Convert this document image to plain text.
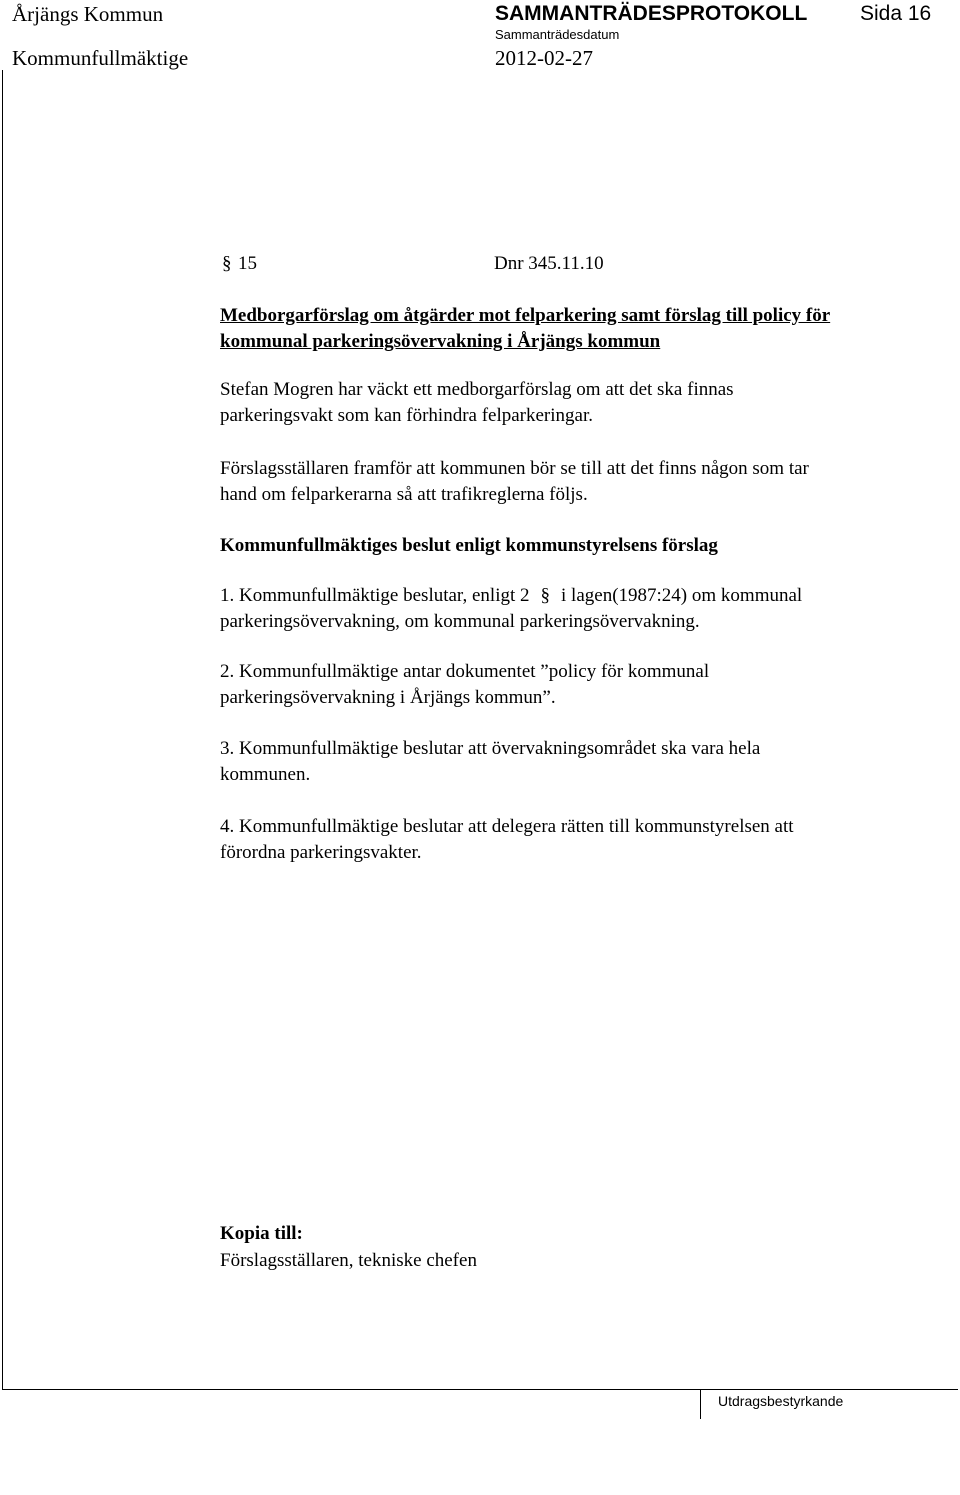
Årjängs Kommun	SAMMANTRÄDESPROTOKOLL	Sida 16
Kommunfullmäktige
Sammanträdesdatum
2012-02-27
§ 15	Dnr 345.11.10
Medborgarförslag om åtgärder mot felparkering samt förslag till policy för
kommunal parkeringsövervakning i Årjängs kommun
Stefan Mogren har väckt ett medborgarförslag om att det ska finnas
parkeringsvakt som kan förhindra felparkeringar.
Förslagsställaren framför att kommunen bör se till att det finns någon som tar
hand om felparkerarna så att trafikreglerna följs.
Kommunfullmäktiges beslut enligt kommunstyrelsens förslag
1. Kommunfullmäktige beslutar, enligt 2 § i lagen(1987:24) om kommunal
parkeringsövervakning, om kommunal parkeringsövervakning.
2. Kommunfullmäktige antar dokumentet ”policy för kommunal
parkeringsövervakning i Årjängs kommun”.
3. Kommunfullmäktige beslutar att övervakningsområdet ska vara hela
kommunen.
4. Kommunfullmäktige beslutar att delegera rätten till kommunstyrelsen att
förordna parkeringsvakter.
Kopia till:
Förslagsställaren, tekniske chefen
Utdragsbestyrkande
